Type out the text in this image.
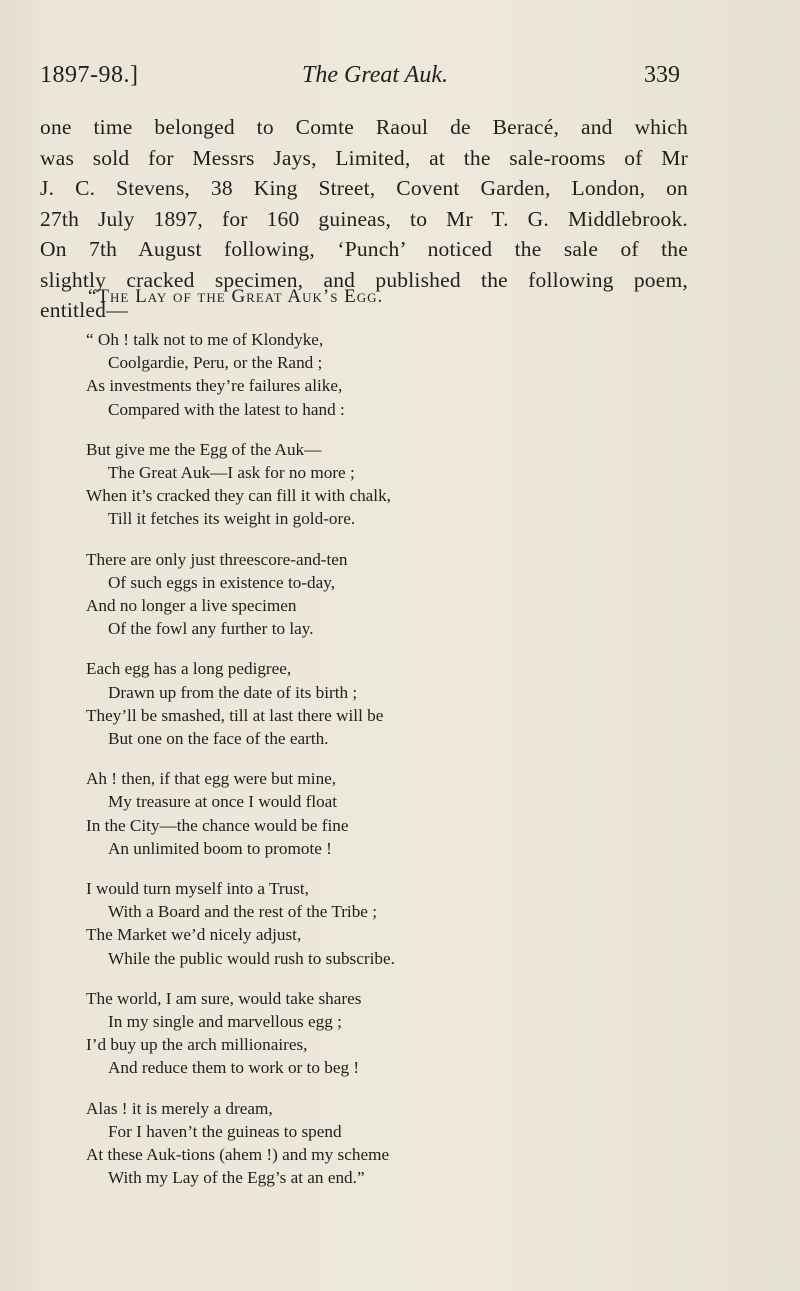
1897-98.]	The Great Auk.	339
one time belonged to Comte Raoul de Beracé, and which
was sold for Messrs Jays, Limited, at the sale-rooms of Mr
J. C. Stevens, 38 King Street, Covent Garden, London, on
27th July 1897, for 160 guineas, to Mr T. G. Middlebrook.
On 7th August following, ‘Punch’ noticed the sale of the
slightly cracked specimen, and published the following poem,
entitled—
“The Lay of the Great Auk’s Egg.
“ Oh ! talk not to me of Klondyke,
Coolgardie, Peru, or the Rand ;
As investments they’re failures alike,
Compared with the latest to hand :
But give me the Egg of the Auk—
The Great Auk—I ask for no more ;
When it’s cracked they can fill it with chalk,
Till it fetches its weight in gold-ore.
There are only just threescore-and-ten
Of such eggs in existence to-day,
And no longer a live specimen
Of the fowl any further to lay.
Each egg has a long pedigree,
Drawn up from the date of its birth ;
They’ll be smashed, till at last there will be
But one on the face of the earth.
Ah ! then, if that egg were but mine,
My treasure at once I would float
In the City—the chance would be fine
An unlimited boom to promote !
I would turn myself into a Trust,
With a Board and the rest of the Tribe ;
The Market we’d nicely adjust,
While the public would rush to subscribe.
The world, I am sure, would take shares
In my single and marvellous egg ;
I’d buy up the arch millionaires,
And reduce them to work or to beg !
Alas ! it is merely a dream,
For I haven’t the guineas to spend
At these Auk-tions (ahem !) and my scheme
With my Lay of the Egg’s at an end.”
